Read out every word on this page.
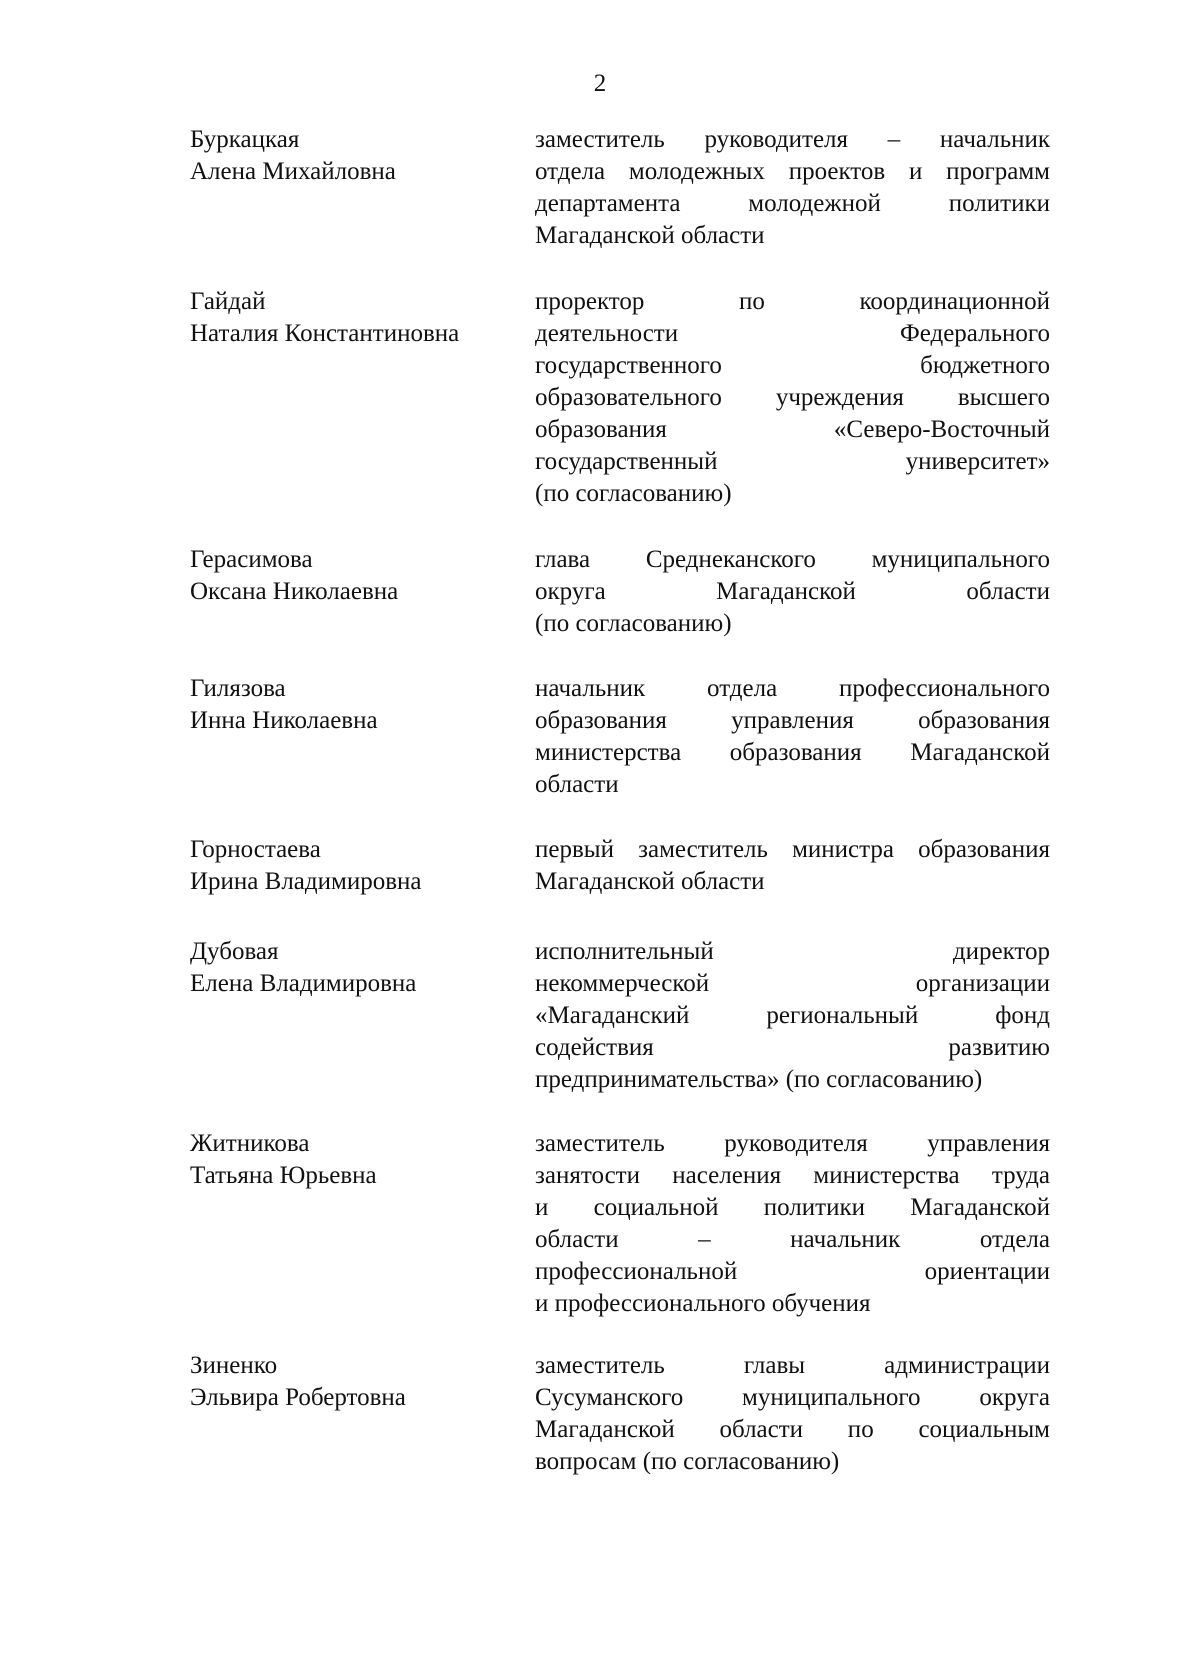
2
Буркацкая
Алена Михайловна
заместитель руководителя – начальник
отдела молодежных проектов и программ
департамента молодежной политики
Магаданской области
Гайдай
Наталия Константиновна
проректор по координационной
деятельности Федерального
государственного бюджетного
образовательного учреждения высшего
образования «Северо-Восточный
государственный университет»
(по согласованию)
Герасимова
Оксана Николаевна
глава Среднеканского муниципального
округа Магаданской области
(по согласованию)
Гилязова
Инна Николаевна
начальник отдела профессионального
образования управления образования
министерства образования Магаданской
области
Горностаева
Ирина Владимировна
первый заместитель министра образования
Магаданской области
Дубовая
Елена Владимировна
исполнительный директор
некоммерческой организации
«Магаданский региональный фонд
содействия развитию
предпринимательства» (по согласованию)
Житникова
Татьяна Юрьевна
заместитель руководителя управления
занятости населения министерства труда
и социальной политики Магаданской
области – начальник отдела
профессиональной ориентации
и профессионального обучения
Зиненко
Эльвира Робертовна
заместитель главы администрации
Сусуманского муниципального округа
Магаданской области по социальным
вопросам (по согласованию)
